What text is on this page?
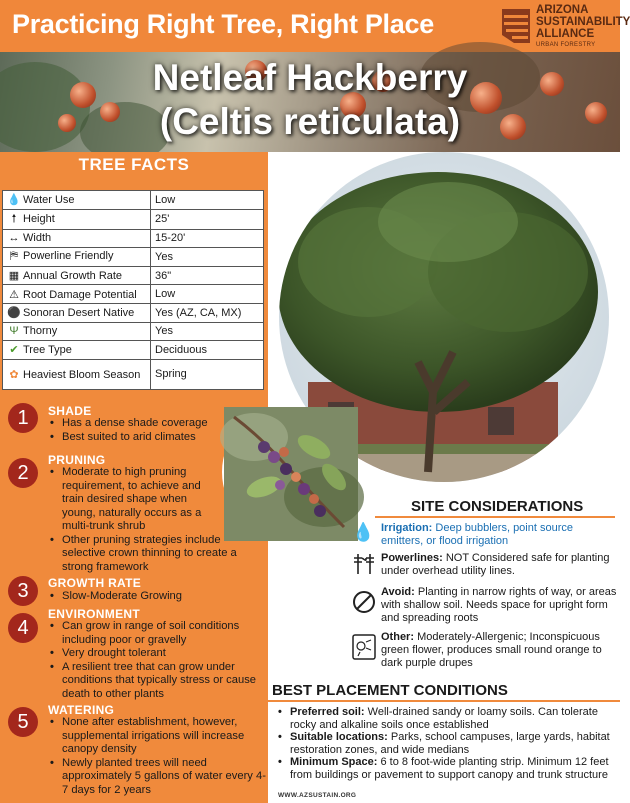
Practicing Right Tree, Right Place	ARIZONA
SUSTAINABILITY
ALLIANCE
URBAN FORESTRY
Netleaf Hackberry
(Celtis reticulata)
TREE FACTS
💧 Water Use	Low
🠕 Height	25'
↔ Width	15-20'
⛿ Powerline Friendly	Yes
▦ Annual Growth Rate	36"
⚠ Root Damage Potential	Low
⚫ Sonoran Desert Native	Yes (AZ, CA, MX)
Ψ Thorny	Yes
✔ Tree Type	Deciduous
✿ Heaviest Bloom Season	Spring
1	SHADE
• Has a dense shade coverage
• Best suited to arid climates
2
PRUNING
• Moderate to high pruning requirement, to achieve and train desired shape when young, naturally occurs as a multi-trunk shrub
• Other pruning strategies include selective crown thinning to create a strong framework
3	GROWTH RATE
• Slow-Moderate Growing
4
ENVIRONMENT
• Can grow in range of soil conditions including poor or gravelly
• Very drought tolerant
• A resilient tree that can grow under conditions that typically stress or cause death to other plants
5
WATERING
• None after establishment, however, supplemental irrigations will increase canopy density
• Newly planted trees will need approximately 5 gallons of water every 4-7 days for 2 years
SITE CONSIDERATIONS
💧 Irrigation: Deep bubblers, point source emitters, or flood irrigation
Powerlines: NOT Considered safe for planting under overhead utility lines.
Avoid: Planting in narrow rights of way, or areas with shallow soil. Needs space for upright form and spreading roots
Other: Moderately-Allergenic; Inconspicuous green flower, produces small round orange to dark purple drupes
BEST PLACEMENT CONDITIONS
• Preferred soil: Well-drained sandy or loamy soils. Can tolerate rocky and alkaline soils once established
• Suitable locations: Parks, school campuses, large yards, habitat restoration zones, and wide medians
• Minimum Space: 6 to 8 foot-wide planting strip. Minimum 12 feet from buildings or pavement to support canopy and trunk structure
WWW.AZSUSTAIN.ORG
